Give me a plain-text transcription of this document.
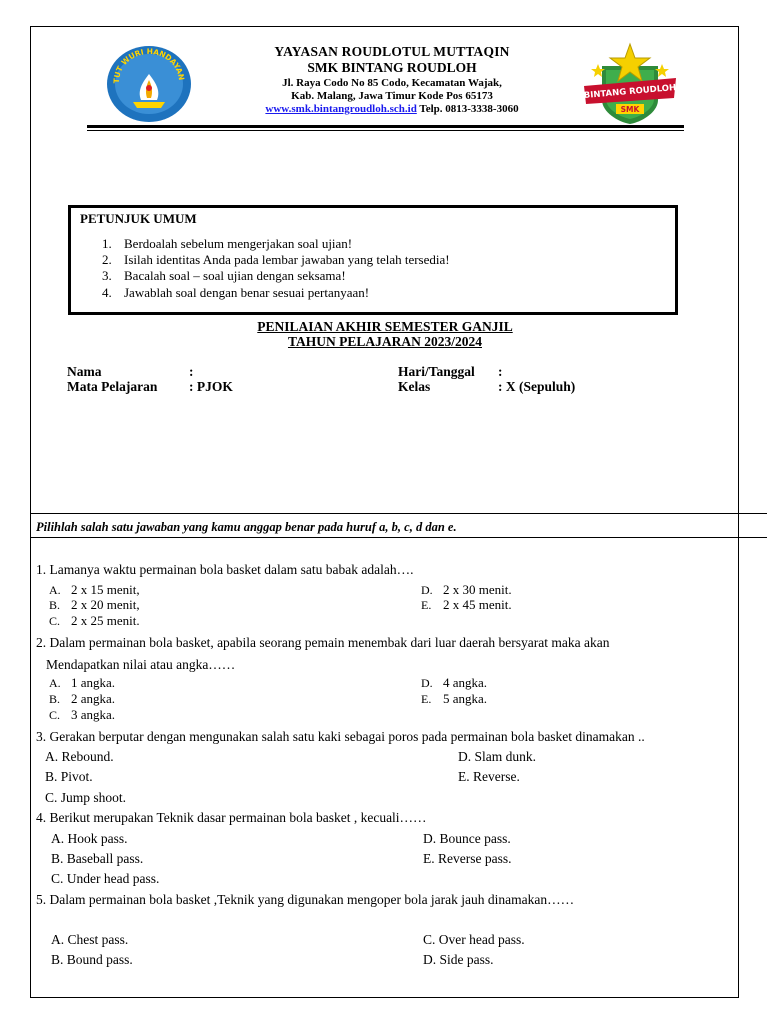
TUT WURI HANDAYAN
BINTANG ROUDLOH
SMK
YAYASAN ROUDLOTUL MUTTAQIN
SMK BINTANG ROUDLOH
Jl. Raya Codo No 85 Codo, Kecamatan Wajak,
Kab. Malang, Jawa Timur Kode Pos 65173
www.smk.bintangroudloh.sch.id Telp. 0813-3338-3060
PETUNJUK UMUM
1. Berdoalah sebelum mengerjakan soal ujian!
2. Isilah identitas Anda pada lembar jawaban yang telah tersedia!
3. Bacalah soal – soal ujian dengan seksama!
4. Jawablah soal dengan benar sesuai pertanyaan!
PENILAIAN AKHIR SEMESTER GANJIL
TAHUN PELAJARAN 2023/2024
Nama	:
Mata Pelajaran : PJOK
Hari/Tanggal :
Kelas	: X (Sepuluh)
Pilihlah salah satu jawaban yang kamu anggap benar pada huruf a, b, c, d dan e.
1. Lamanya waktu permainan bola basket dalam satu babak adalah….
A. 2 x 15 menit,
B. 2 x 20 menit,
C. 2 x 25 menit.
D. 2 x 30 menit.
E. 2 x 45 menit.
2. Dalam permainan bola basket, apabila seorang pemain menembak dari luar daerah bersyarat maka akan
Mendapatkan nilai atau angka……
A. 1 angka.
B. 2 angka.
C. 3 angka.
D. 4 angka.
E. 5 angka.
3. Gerakan berputar dengan mengunakan salah satu kaki sebagai poros pada permainan bola basket dinamakan ..
A. Rebound.
B. Pivot.
C. Jump shoot.
D. Slam dunk.
E. Reverse.
4. Berikut merupakan Teknik dasar permainan bola basket , kecuali……
A. Hook pass.
B. Baseball pass.
C. Under head pass.
D. Bounce pass.
E. Reverse pass.
5. Dalam permainan bola basket ,Teknik yang digunakan mengoper bola jarak jauh dinamakan……
A. Chest pass.
B. Bound pass.
C. Over head pass.
D. Side pass.
